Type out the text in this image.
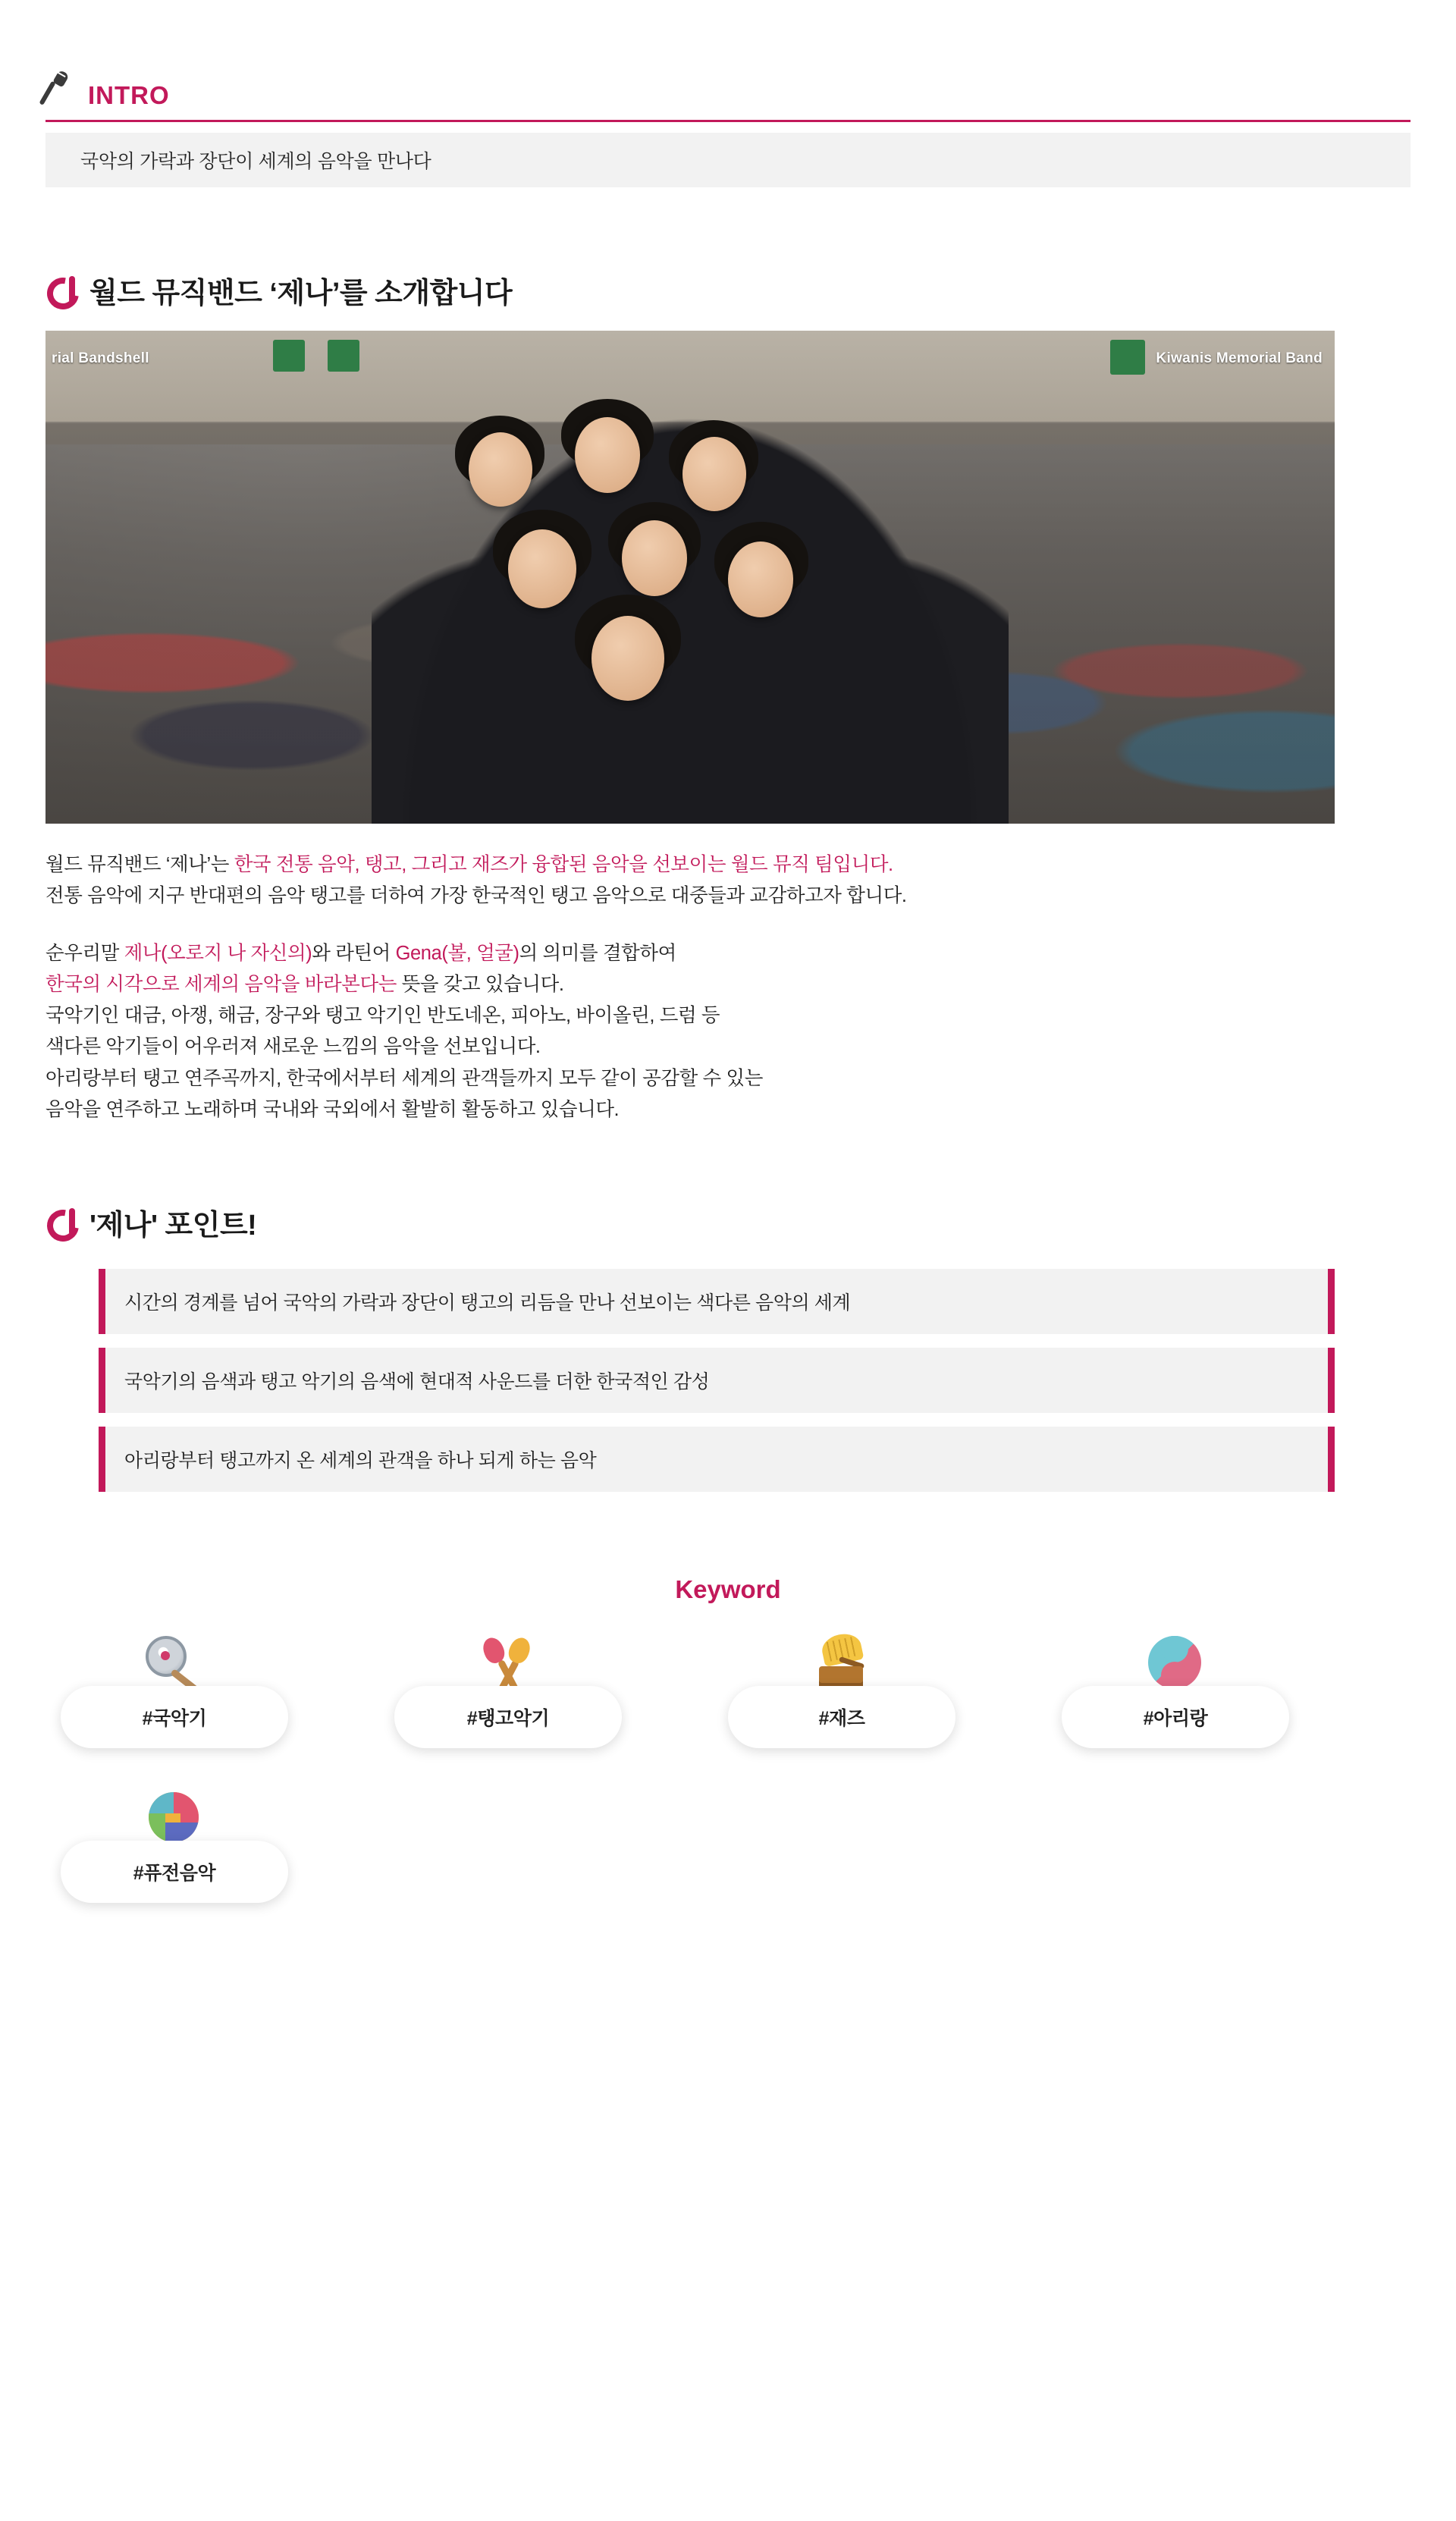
INTRO
국악의 가락과 장단이 세계의 음악을 만나다
월드 뮤직밴드 ‘제나’를 소개합니다
rial Bandshell	Kiwanis Memorial Band

월드 뮤직밴드 ‘제나’는 한국 전통 음악, 탱고, 그리고 재즈가 융합된 음악을 선보이는 월드 뮤직 팀입니다.

전통 음악에 지구 반대편의 음악 탱고를 더하여 가장 한국적인 탱고 음악으로 대중들과 교감하고자 합니다.

순우리말 제나(오로지 나 자신의)와 라틴어 Gena(볼, 얼굴)의 의미를 결합하여

한국의 시각으로 세계의 음악을 바라본다는 뜻을 갖고 있습니다.

국악기인 대금, 아쟁, 해금, 장구와 탱고 악기인 반도네온, 피아노, 바이올린, 드럼 등

색다른 악기들이 어우러져 새로운 느낌의 음악을 선보입니다.

아리랑부터 탱고 연주곡까지, 한국에서부터 세계의 관객들까지 모두 같이 공감할 수 있는

음악을 연주하고 노래하며 국내와 국외에서 활발히 활동하고 있습니다.

'제나' 포인트!
시간의 경계를 넘어 국악의 가락과 장단이 탱고의 리듬을 만나 선보이는 색다른 음악의 세계
국악기의 음색과 탱고 악기의 음색에 현대적 사운드를 더한 한국적인 감성
아리랑부터 탱고까지 온 세계의 관객을 하나 되게 하는 음악
Keyword
#국악기	#탱고악기	#재즈	#아리랑
#퓨전음악
